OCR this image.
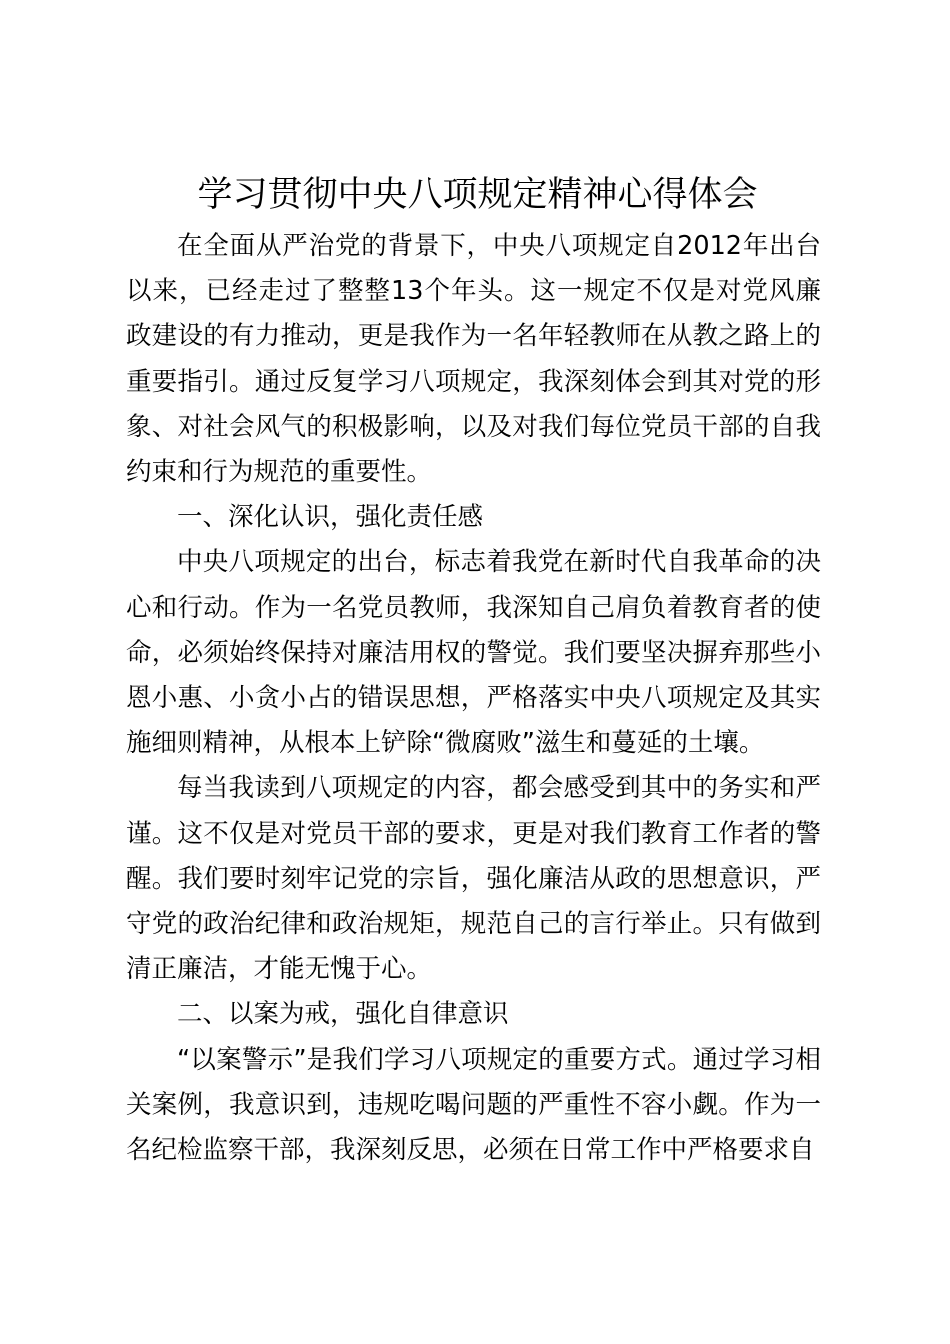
学习贯彻中央八项规定精神心得体会

在全面从严治党的背景下，中央八项规定自2012年出台以来，已经走过了整整13个年头。这一规定不仅是对党风廉政建设的有力推动，更是我作为一名年轻教师在从教之路上的重要指引。通过反复学习八项规定，我深刻体会到其对党的形象、对社会风气的积极影响，以及对我们每位党员干部的自我约束和行为规范的重要性。

一、深化认识，强化责任感

中央八项规定的出台，标志着我党在新时代自我革命的决心和行动。作为一名党员教师，我深知自己肩负着教育者的使命，必须始终保持对廉洁用权的警觉。我们要坚决摒弃那些小恩小惠、小贪小占的错误思想，严格落实中央八项规定及其实施细则精神，从根本上铲除“微腐败”滋生和蔓延的土壤。

每当我读到八项规定的内容，都会感受到其中的务实和严谨。这不仅是对党员干部的要求，更是对我们教育工作者的警醒。我们要时刻牢记党的宗旨，强化廉洁从政的思想意识，严守党的政治纪律和政治规矩，规范自己的言行举止。只有做到清正廉洁，才能无愧于心。

二、以案为戒，强化自律意识

“以案警示”是我们学习八项规定的重要方式。通过学习相关案例，我意识到，违规吃喝问题的严重性不容小觑。作为一名纪检监察干部，我深刻反思，必须在日常工作中严格要求自
